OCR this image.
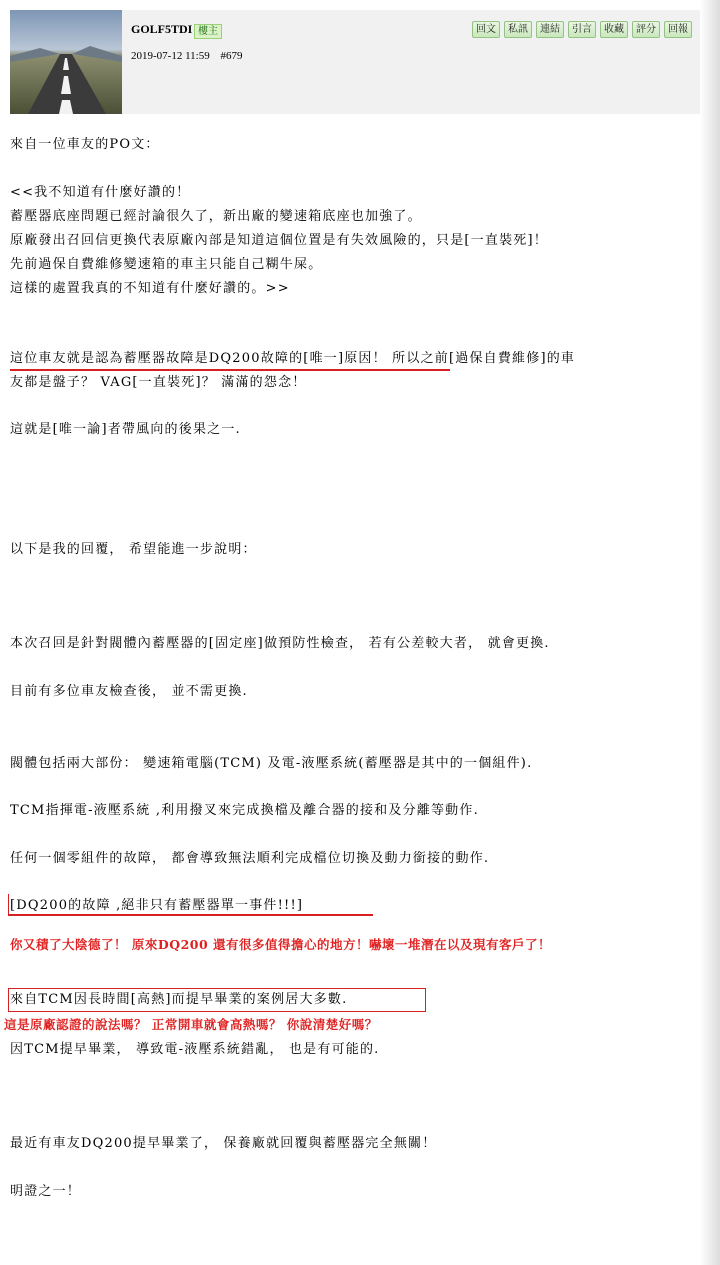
GOLF5TDI 樓主
2019-07-12 11:59 #679
回文	私訊	連結	引言	收藏	評分	回報
來自一位車友的PO文：
<<我不知道有什麼好讚的！
蓄壓器底座問題已經討論很久了，新出廠的變速箱底座也加強了。
原廠發出召回信更換代表原廠內部是知道這個位置是有失效風險的，只是[一直裝死]！
先前過保自費維修變速箱的車主只能自己糊牛屎。
這樣的處置我真的不知道有什麼好讚的。>>
這位車友就是認為蓄壓器故障是DQ200故障的[唯一]原因！ 所以之前[過保自費維修]的車
友都是盤子？ VAG[一直裝死]？ 滿滿的怨念！
這就是[唯一論]者帶風向的後果之一.
以下是我的回覆， 希望能進一步說明：
本次召回是針對閥體內蓄壓器的[固定座]做預防性檢查， 若有公差較大者， 就會更換.
目前有多位車友檢查後， 並不需更換.
閥體包括兩大部份： 變速箱電腦(TCM) 及電-液壓系統(蓄壓器是其中的一個組件).
TCM指揮電-液壓系統 ,利用撥叉來完成換檔及離合器的接和及分離等動作.
任何一個零組件的故障， 都會導致無法順利完成檔位切換及動力銜接的動作.
[DQ200的故障 ,絕非只有蓄壓器單一事件!!!]
你又積了大陰德了！ 原來DQ200 還有很多值得擔心的地方！嚇壞一堆潛在以及現有客戶了！
來自TCM因長時間[高熱]而提早畢業的案例居大多數.
這是原廠認證的說法嗎？ 正常開車就會高熱嗎？ 你說清楚好嗎？
因TCM提早畢業， 導致電-液壓系統錯亂， 也是有可能的.
最近有車友DQ200提早畢業了， 保養廠就回覆與蓄壓器完全無關！
明證之一！
